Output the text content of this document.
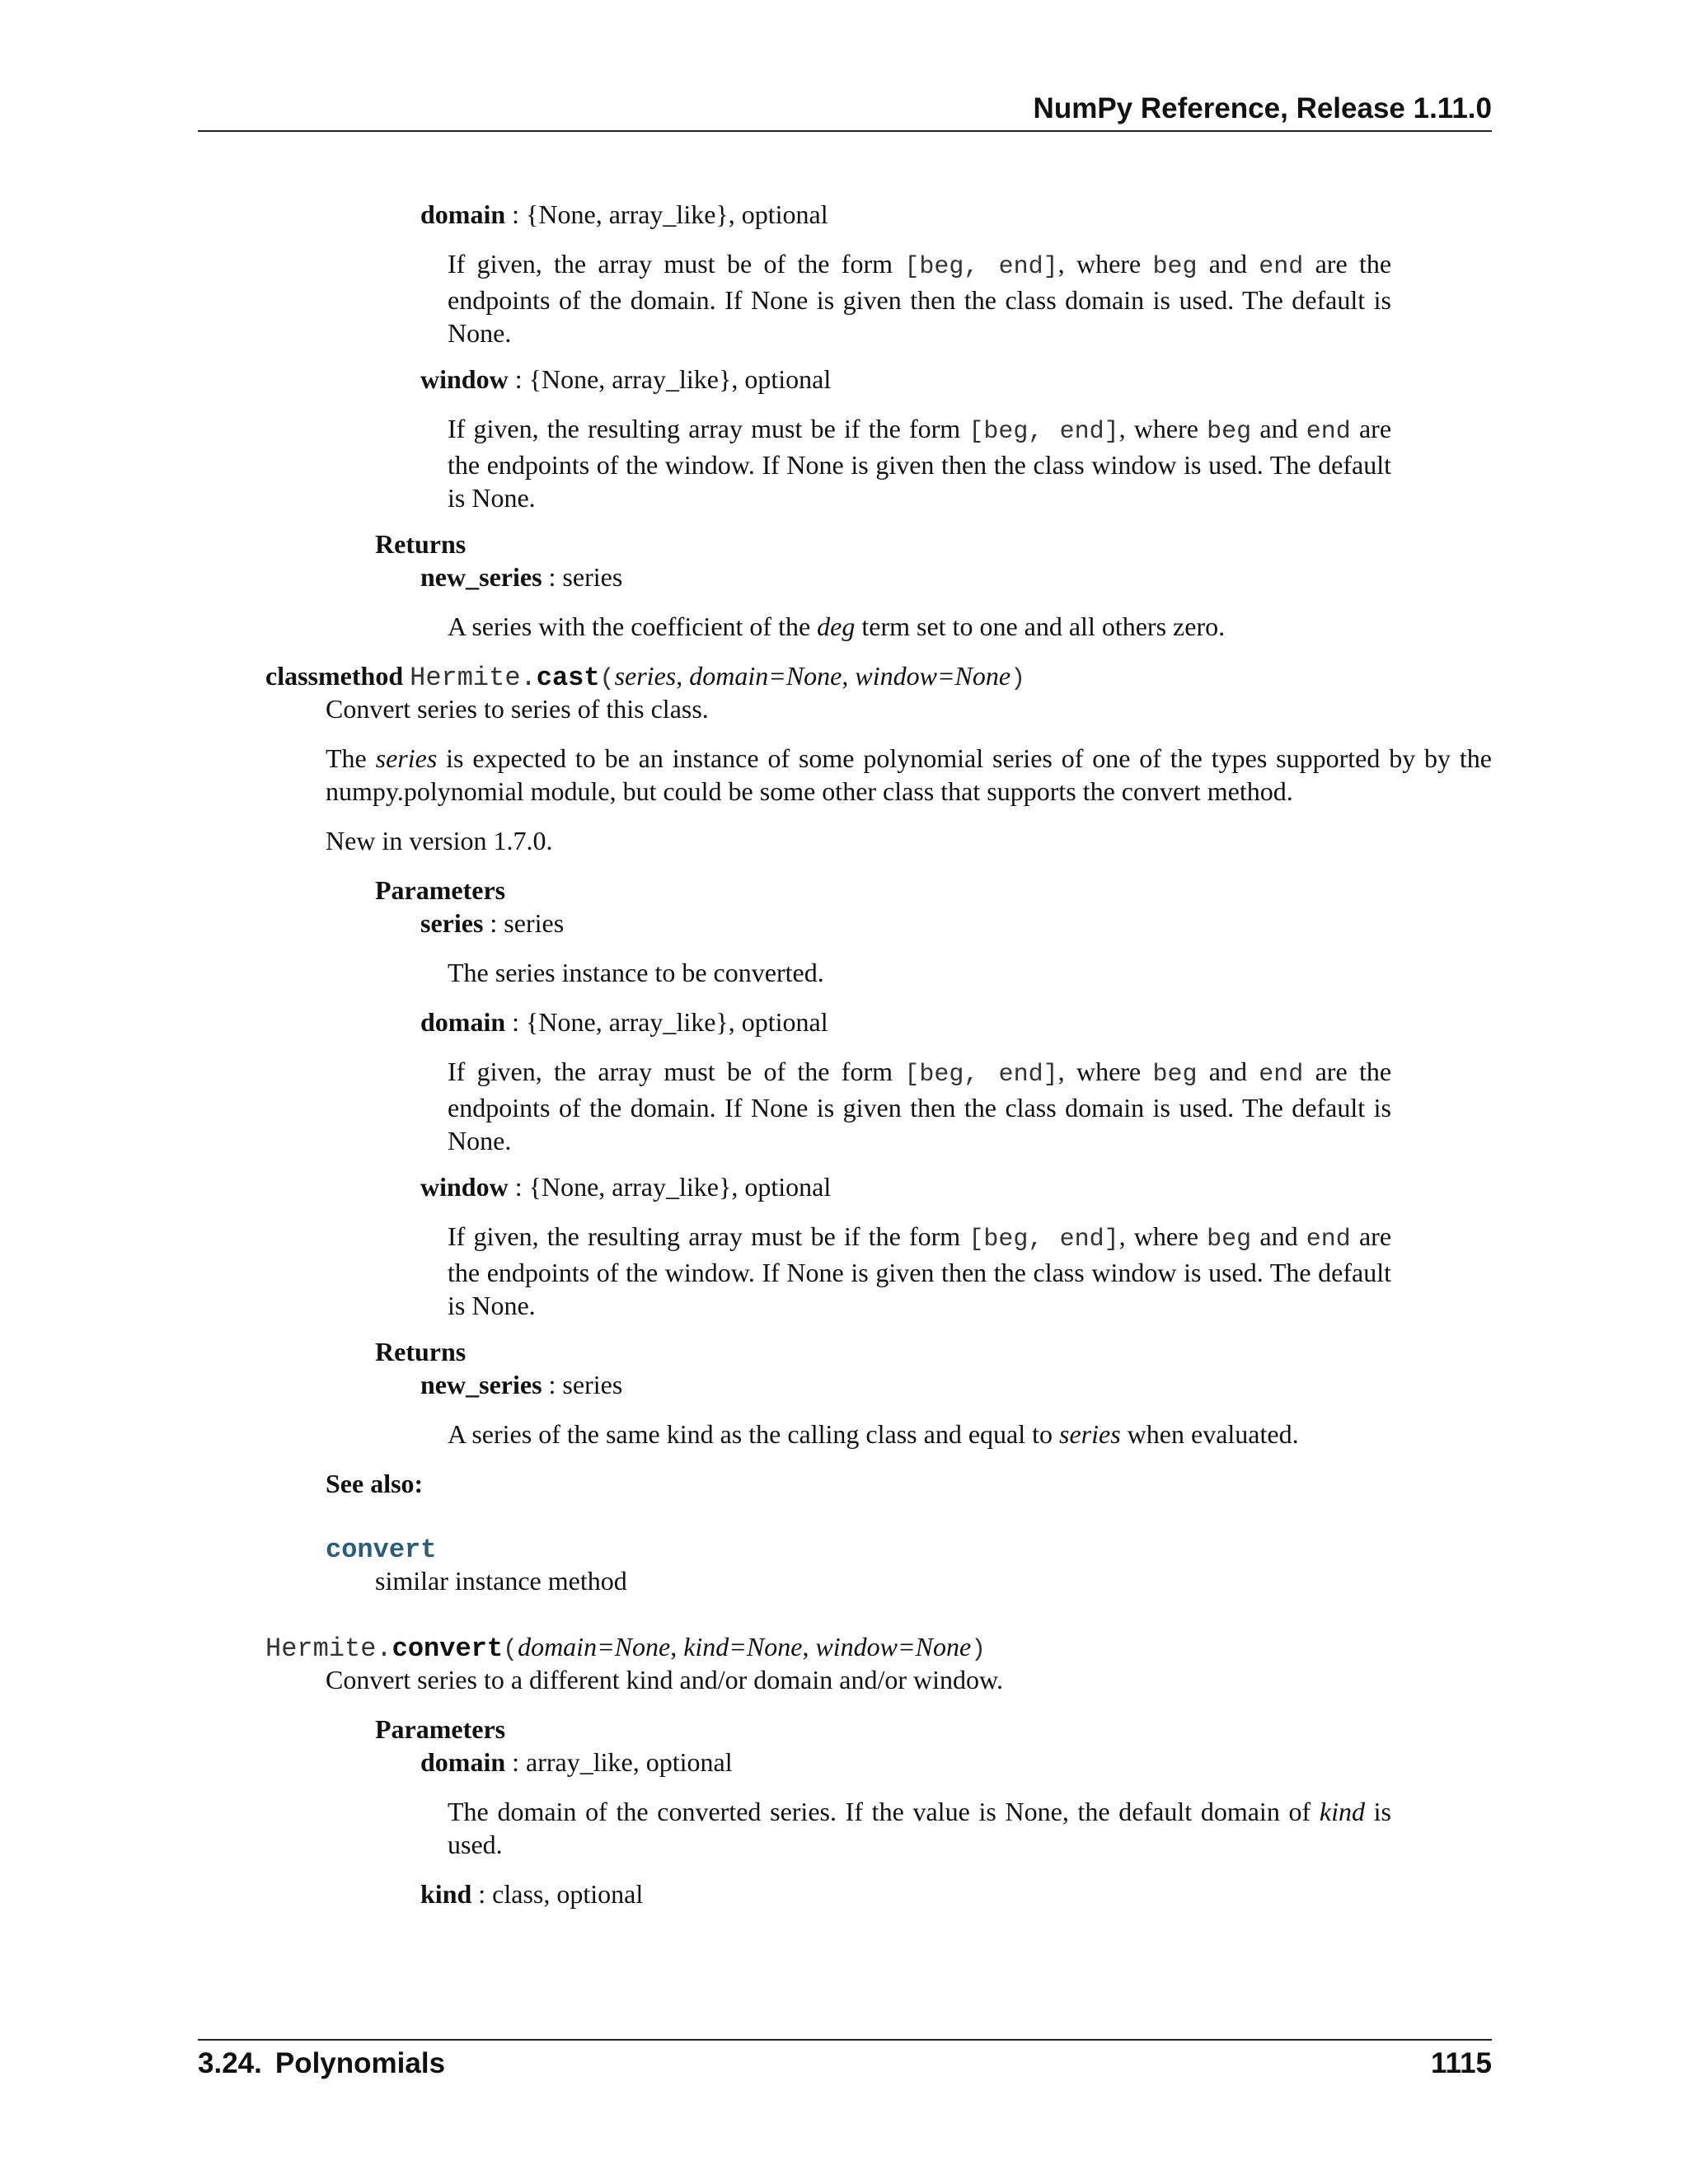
NumPy Reference, Release 1.11.0
domain : {None, array_like}, optional
If given, the array must be of the form [beg, end], where beg and end are the endpoints of the domain. If None is given then the class domain is used. The default is None.
window : {None, array_like}, optional
If given, the resulting array must be if the form [beg, end], where beg and end are the endpoints of the window. If None is given then the class window is used. The default is None.
Returns
new_series : series
A series with the coefficient of the deg term set to one and all others zero.
classmethod Hermite.cast(series, domain=None, window=None)
Convert series to series of this class.
The series is expected to be an instance of some polynomial series of one of the types supported by by the numpy.polynomial module, but could be some other class that supports the convert method.
New in version 1.7.0.
Parameters
series : series
The series instance to be converted.
domain : {None, array_like}, optional
If given, the array must be of the form [beg, end], where beg and end are the endpoints of the domain. If None is given then the class domain is used. The default is None.
window : {None, array_like}, optional
If given, the resulting array must be if the form [beg, end], where beg and end are the endpoints of the window. If None is given then the class window is used. The default is None.
Returns
new_series : series
A series of the same kind as the calling class and equal to series when evaluated.
See also:
convert
similar instance method
Hermite.convert(domain=None, kind=None, window=None)
Convert series to a different kind and/or domain and/or window.
Parameters
domain : array_like, optional
The domain of the converted series. If the value is None, the default domain of kind is used.
kind : class, optional
3.24. Polynomials	1115
